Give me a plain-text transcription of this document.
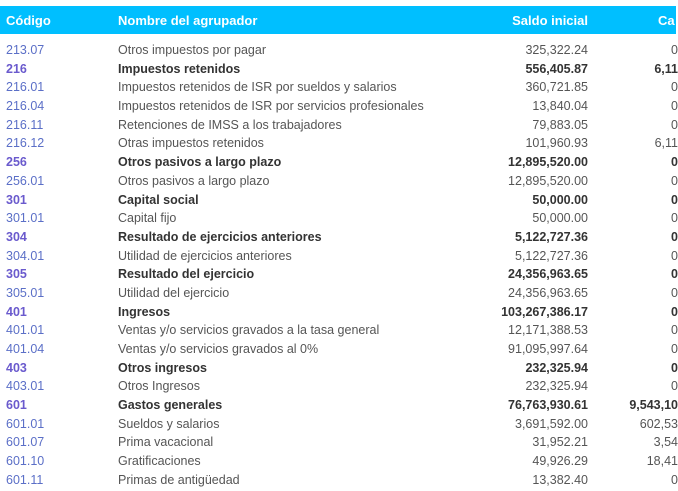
Código	Nombre del agrupador	Saldo inicial	Ca
213.07	Otros impuestos por pagar	325,322.24	0
216	Impuestos retenidos	556,405.87	6,11
216.01	Impuestos retenidos de ISR por sueldos y salarios	360,721.85	0
216.04	Impuestos retenidos de ISR por servicios profesionales	13,840.04	0
216.11	Retenciones de IMSS a los trabajadores	79,883.05	0
216.12	Otras impuestos retenidos	101,960.93	6,11
256	Otros pasivos a largo plazo	12,895,520.00	0
256.01	Otros pasivos a largo plazo	12,895,520.00	0
301	Capital social	50,000.00	0
301.01	Capital fijo	50,000.00	0
304	Resultado de ejercicios anteriores	5,122,727.36	0
304.01	Utilidad de ejercicios anteriores	5,122,727.36	0
305	Resultado del ejercicio	24,356,963.65	0
305.01	Utilidad del ejercicio	24,356,963.65	0
401	Ingresos	103,267,386.17	0
401.01	Ventas y/o servicios gravados a la tasa general	12,171,388.53	0
401.04	Ventas y/o servicios gravados al 0%	91,095,997.64	0
403	Otros ingresos	232,325.94	0
403.01	Otros Ingresos	232,325.94	0
601	Gastos generales	76,763,930.61	9,543,10
601.01	Sueldos y salarios	3,691,592.00	602,53
601.07	Prima vacacional	31,952.21	3,54
601.10	Gratificaciones	49,926.29	18,41
601.11	Primas de antigüedad	13,382.40	0
